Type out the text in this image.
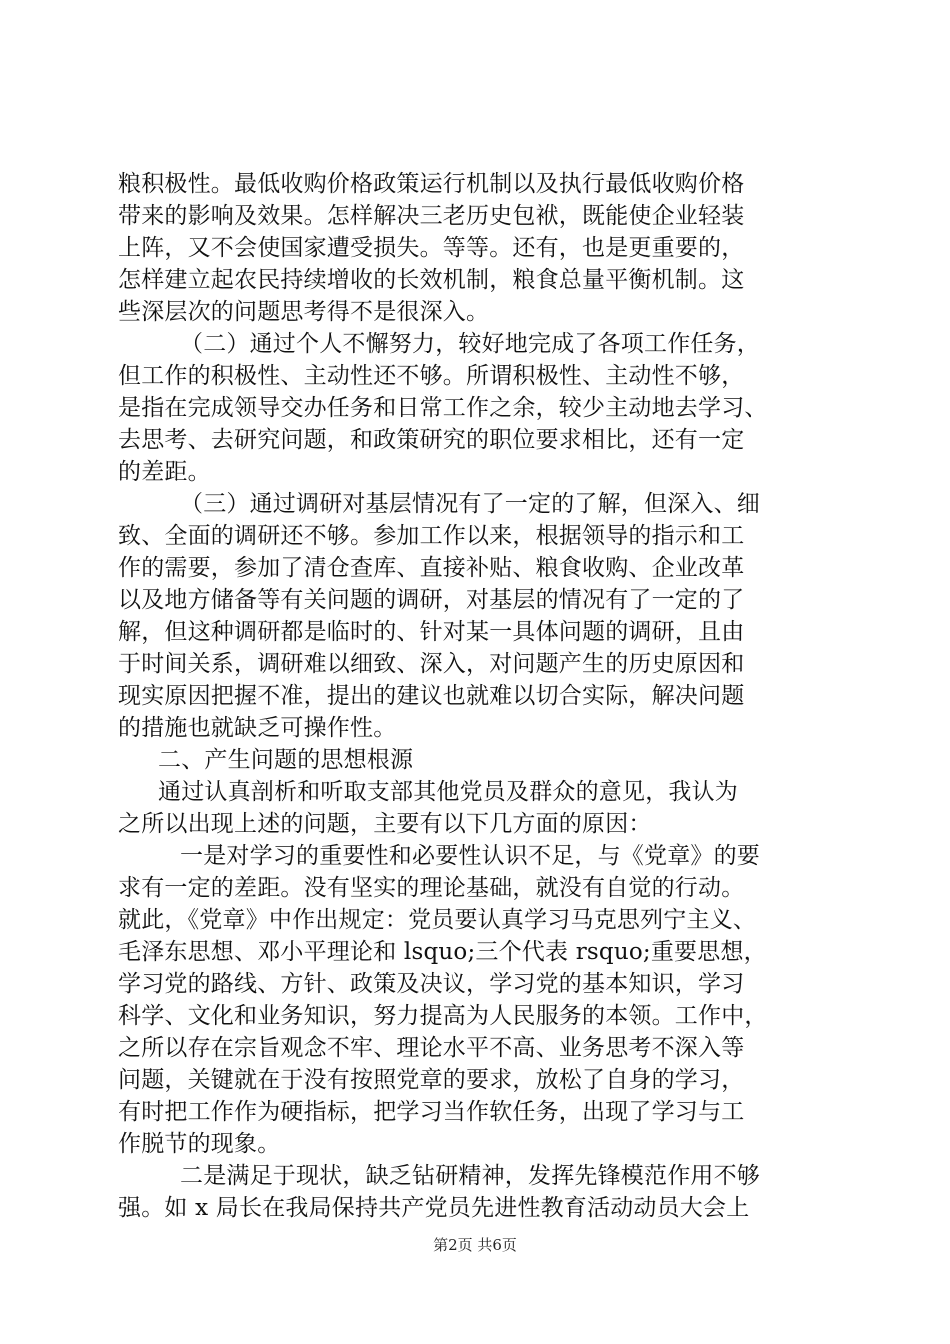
粮积极性。最低收购价格政策运行机制以及执行最低收购价格
带来的影响及效果。怎样解决三老历史包袱，既能使企业轻装
上阵，又不会使国家遭受损失。等等。还有，也是更重要的，
怎样建立起农民持续增收的长效机制，粮食总量平衡机制。这
些深层次的问题思考得不是很深入。
（二）通过个人不懈努力，较好地完成了各项工作任务，
但工作的积极性、主动性还不够。所谓积极性、主动性不够，
是指在完成领导交办任务和日常工作之余，较少主动地去学习、
去思考、去研究问题，和政策研究的职位要求相比，还有一定
的差距。
（三）通过调研对基层情况有了一定的了解，但深入、细
致、全面的调研还不够。参加工作以来，根据领导的指示和工
作的需要，参加了清仓查库、直接补贴、粮食收购、企业改革
以及地方储备等有关问题的调研，对基层的情况有了一定的了
解，但这种调研都是临时的、针对某一具体问题的调研，且由
于时间关系，调研难以细致、深入，对问题产生的历史原因和
现实原因把握不准，提出的建议也就难以切合实际，解决问题
的措施也就缺乏可操作性。
二、产生问题的思想根源
通过认真剖析和听取支部其他党员及群众的意见，我认为
之所以出现上述的问题，主要有以下几方面的原因：
一是对学习的重要性和必要性认识不足，与《党章》的要
求有一定的差距。没有坚实的理论基础，就没有自觉的行动。
就此，《党章》中作出规定：党员要认真学习马克思列宁主义、
毛泽东思想、邓小平理论和 lsquo;三个代表 rsquo;重要思想，
学习党的路线、方针、政策及决议，学习党的基本知识，学习
科学、文化和业务知识，努力提高为人民服务的本领。工作中，
之所以存在宗旨观念不牢、理论水平不高、业务思考不深入等
问题，关键就在于没有按照党章的要求，放松了自身的学习，
有时把工作作为硬指标，把学习当作软任务，出现了学习与工
作脱节的现象。
二是满足于现状，缺乏钻研精神，发挥先锋模范作用不够
强。如 x 局长在我局保持共产党员先进性教育活动动员大会上
第2页 共6页
